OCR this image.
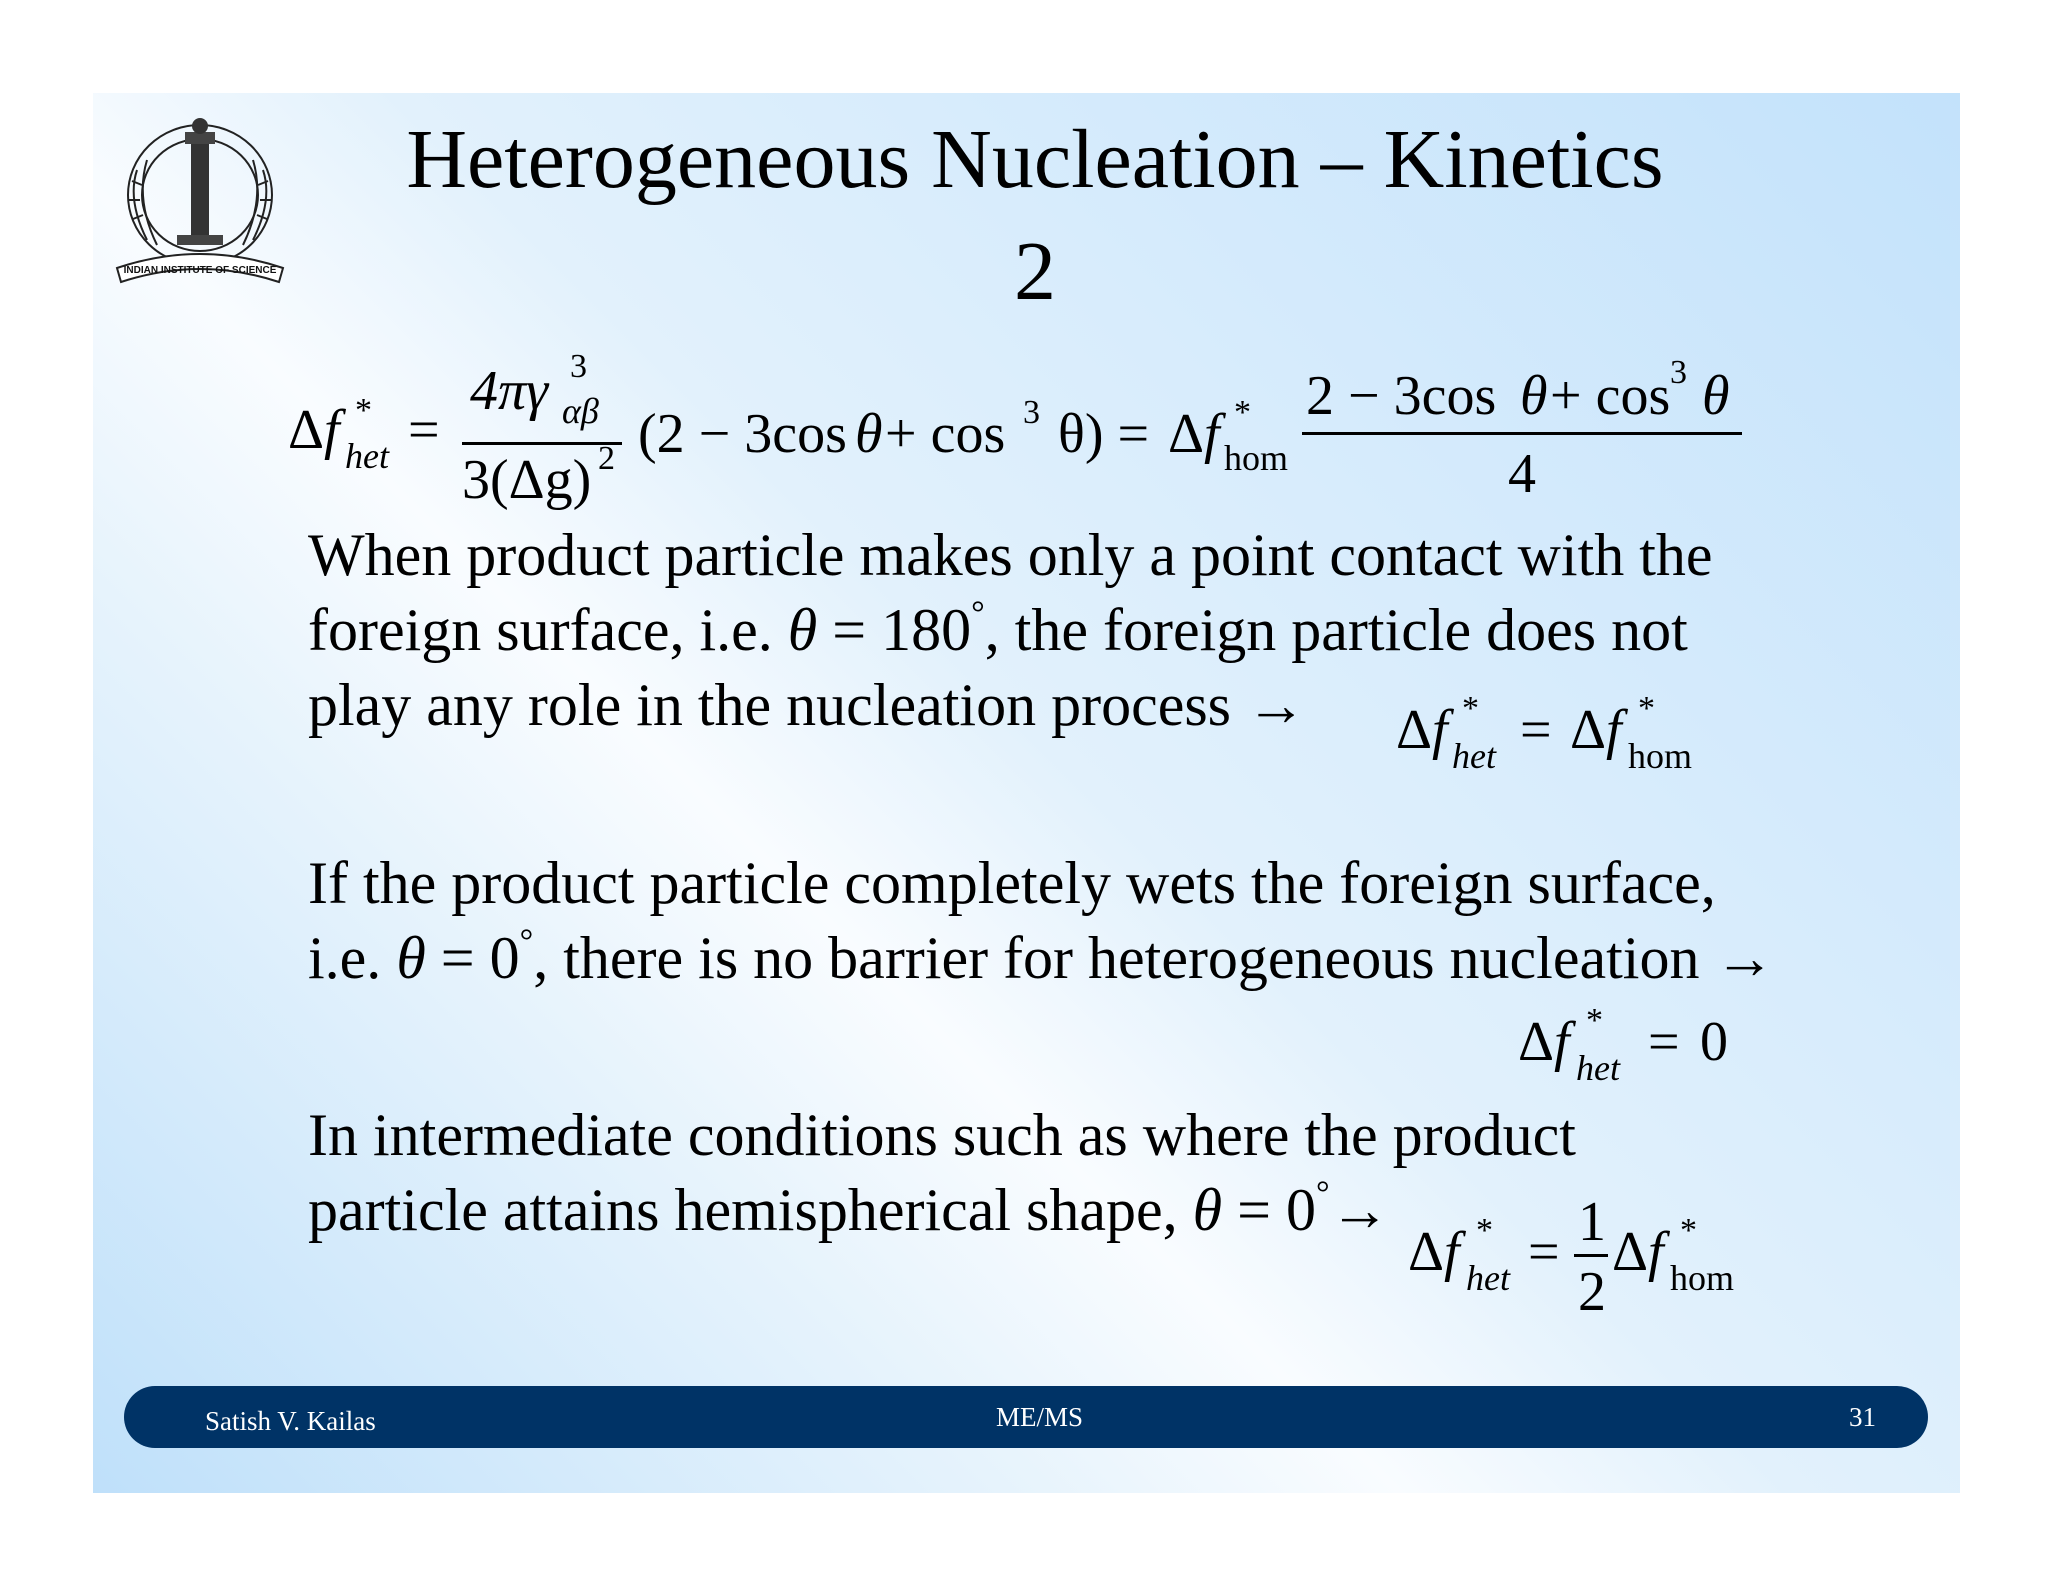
INDIAN INSTITUTE OF SCIENCE
Heterogeneous Nucleation – Kinetics
2
Δf *
het =
4πγ 3
αβ
3(Δg) 2 (2 − 3cos θ + cos 3 θ) = Δf *
hom
2 − 3cos θ + cos 3 θ
4
When product particle makes only a point contact with the
foreign surface, i.e. θ = 180°, the foreign particle does not
play any role in the nucleation process → Δf *
het = Δf *
hom
If the product particle completely wets the foreign surface,
i.e. θ = 0°, there is no barrier for heterogeneous nucleation →
Δf *
het = 0
In intermediate conditions such as where the product
particle attains hemispherical shape, θ = 0°→
Δf *
het = 1
2
Δf *
hom
Satish V. Kailas	ME/MS	31
